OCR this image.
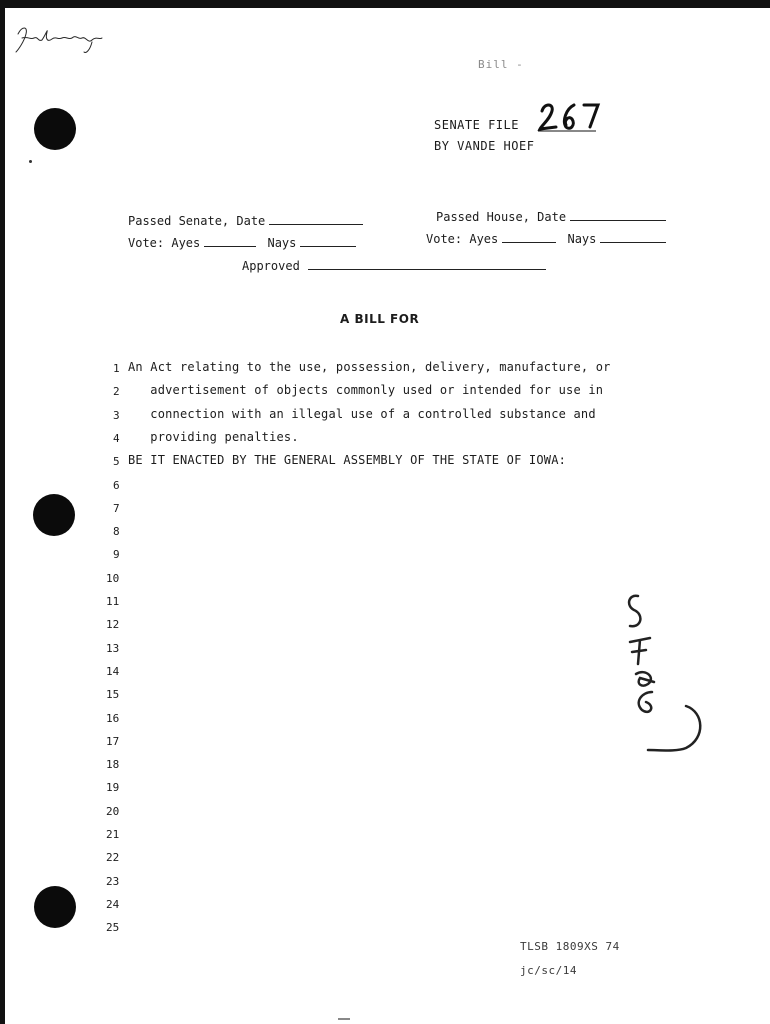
Bill -
SENATE FILE
BY VANDE HOEF
Passed Senate, Date	Passed House, Date
Vote: Ayes	Nays	Vote: Ayes	Nays
Approved
A BILL FOR
1 An Act relating to the use, possession, delivery, manufacture, or
2 advertisement of objects commonly used or intended for use in
3 connection with an illegal use of a controlled substance and
4 providing penalties.
5 BE IT ENACTED BY THE GENERAL ASSEMBLY OF THE STATE OF IOWA:
6
7
8
9
10
11
12
13
14
15
16
17
18
19
20
21
22
23
24
25
TLSB 1809XS 74
jc/sc/14
